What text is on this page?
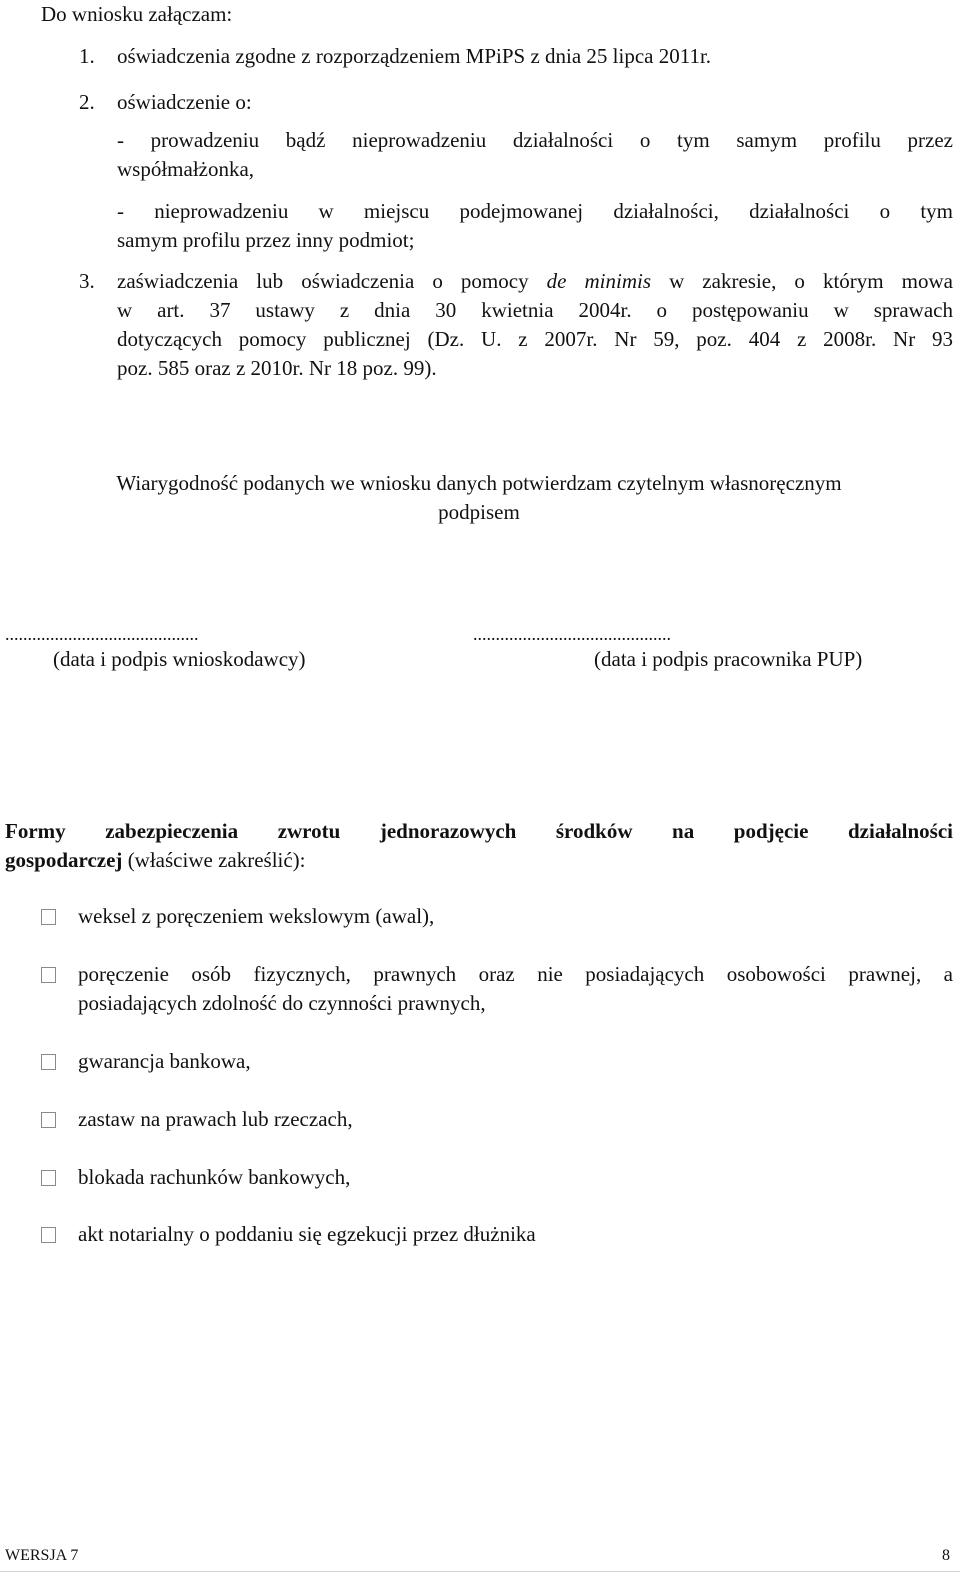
Do wniosku załączam:
1.	oświadczenia zgodne z rozporządzeniem MPiPS z dnia 25 lipca 2011r.
2.	oświadczenie o:
- prowadzeniu bądź nieprowadzeniu działalności o tym samym profilu przez
współmałżonka,
- nieprowadzeniu w miejscu podejmowanej działalności, działalności o tym
samym profilu przez inny podmiot;
3.	zaświadczenia lub oświadczenia o pomocy de minimis w zakresie, o którym mowa
w art. 37 ustawy z dnia 30 kwietnia 2004r. o postępowaniu w sprawach
dotyczących pomocy publicznej (Dz. U. z 2007r. Nr 59, poz. 404 z 2008r. Nr 93
poz. 585 oraz z 2010r. Nr 18 poz. 99).
Wiarygodność podanych we wniosku danych potwierdzam czytelnym własnoręcznym
podpisem
...........................................
(data i podpis wnioskodawcy)
............................................
(data i podpis pracownika PUP)
Formy zabezpieczenia zwrotu jednorazowych środków na podjęcie działalności
gospodarczej (właściwe zakreślić):
weksel z poręczeniem wekslowym (awal),
poręczenie osób fizycznych, prawnych oraz nie posiadających osobowości prawnej, a
posiadających zdolność do czynności prawnych,
gwarancja bankowa,
zastaw na prawach lub rzeczach,
blokada rachunków bankowych,
akt notarialny o poddaniu się egzekucji przez dłużnika
WERSJA 7	8
